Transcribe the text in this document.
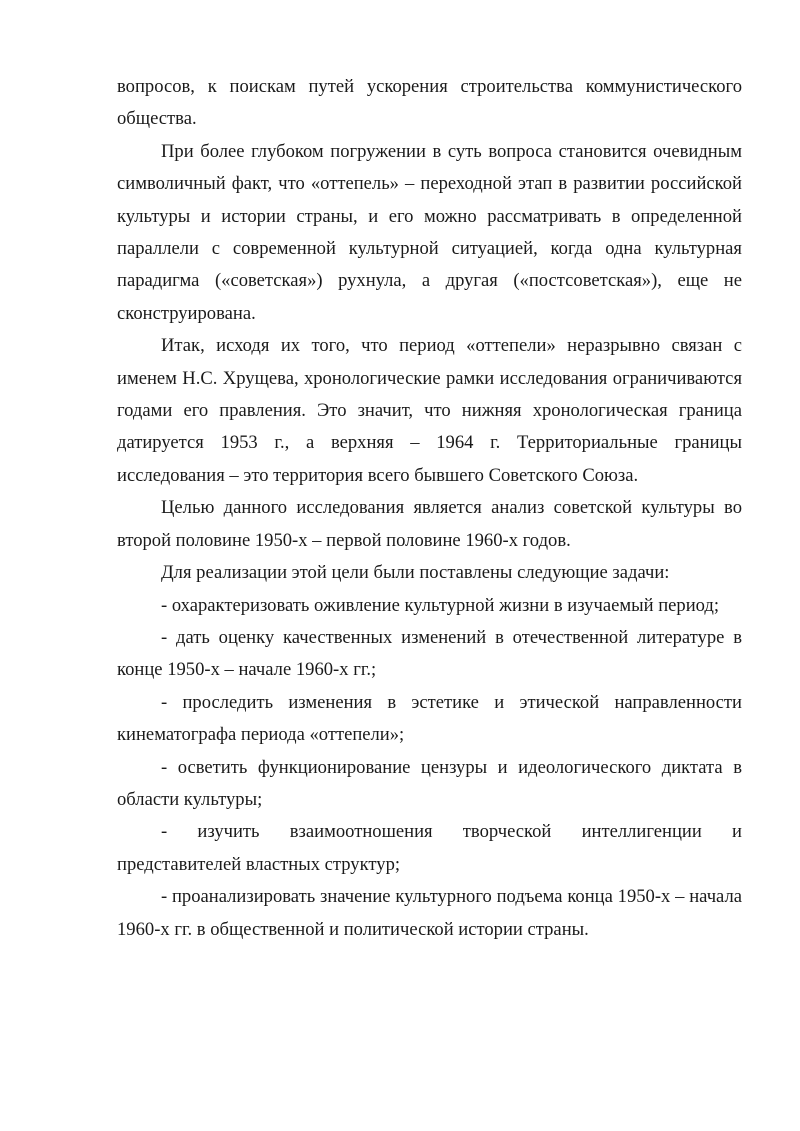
вопросов, к поискам путей ускорения строительства коммунистического общества.

При более глубоком погружении в суть вопроса становится очевидным символичный факт, что «оттепель» – переходной этап в развитии российской культуры и истории страны, и его можно рассматривать в определенной параллели с современной культурной ситуацией, когда одна культурная парадигма («советская») рухнула, а другая («постсоветская»), еще не сконструирована.

Итак, исходя их того, что период «оттепели» неразрывно связан с именем Н.С. Хрущева, хронологические рамки исследования ограничиваются годами его правления. Это значит, что нижняя хронологическая граница датируется 1953 г., а верхняя – 1964 г. Территориальные границы исследования – это территория всего бывшего Советского Союза.

Целью данного исследования является анализ советской культуры во второй половине 1950-х – первой половине 1960-х годов.

Для реализации этой цели были поставлены следующие задачи:

- охарактеризовать оживление культурной жизни в изучаемый период;

- дать оценку качественных изменений в отечественной литературе в конце 1950-х – начале 1960-х гг.;

- проследить изменения в эстетике и этической направленности кинематографа периода «оттепели»;

- осветить функционирование цензуры и идеологического диктата в области культуры;

- изучить взаимоотношения творческой интеллигенции и представителей властных структур;

- проанализировать значение культурного подъема конца 1950-х – начала 1960-х гг. в общественной и политической истории страны.
